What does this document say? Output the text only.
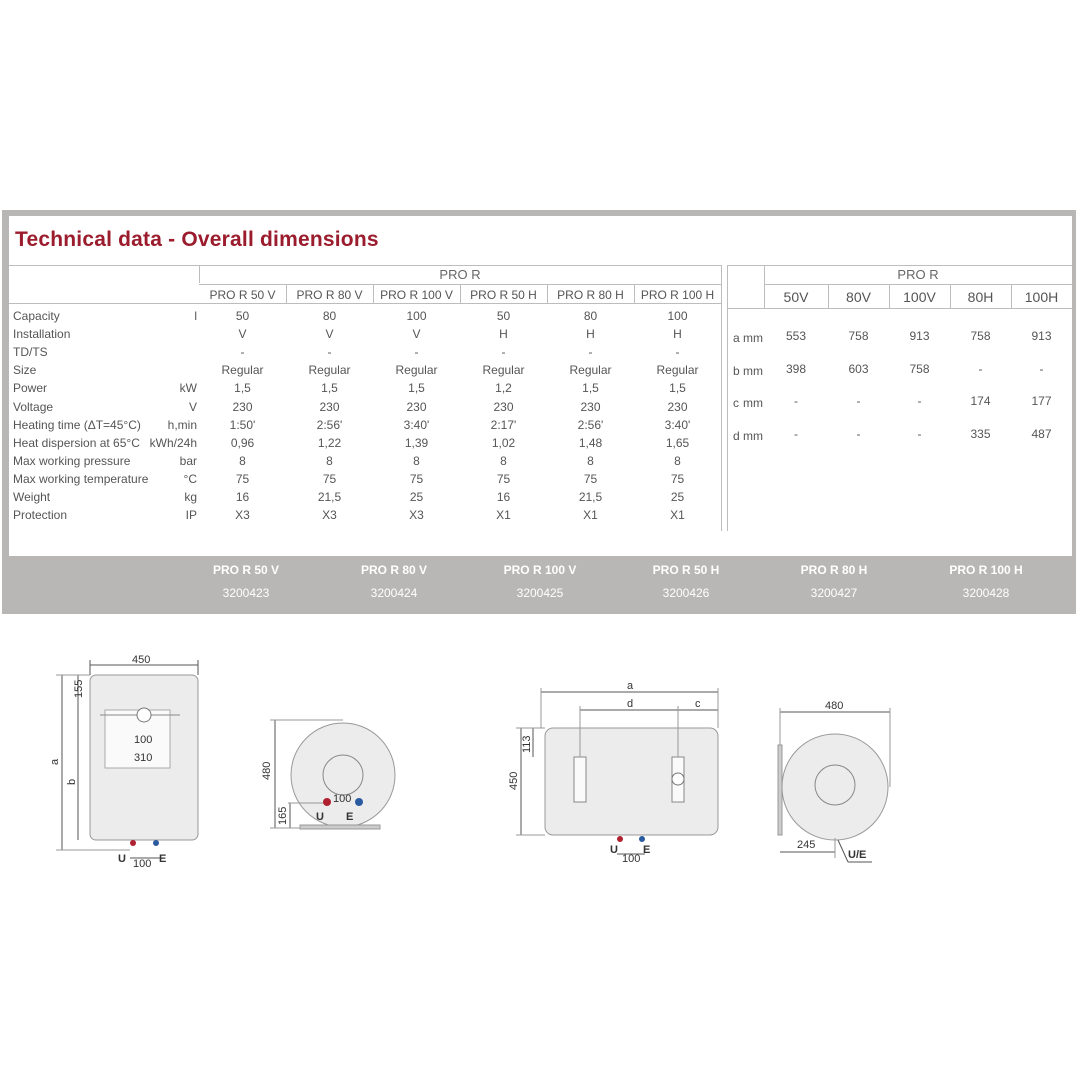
Technical data - Overall dimensions
PRO R
PRO R 50 V	PRO R 80 V	PRO R 100 V	PRO R 50 H	PRO R 80 H	PRO R 100 H
Capacity	l	50	80	100	50	80	100
Installation	V	V	V	H	H	H
TD/TS	-	-	-	-	-	-
Size	Regular	Regular	Regular	Regular	Regular	Regular
Power	kW	1,5	1,5	1,5	1,2	1,5	1,5
Voltage	V	230	230	230	230	230	230
Heating time (ΔT=45°C)	h,min	1:50'	2:56'	3:40'	2:17'	2:56'	3:40'
Heat dispersion at 65°C kWh/24h	0,96	1,22	1,39	1,02	1,48	1,65
Max working pressure	bar	8	8	8	8	8	8
Max working temperature	°C	75	75	75	75	75	75
Weight	kg	16	21,5	25	16	21,5	25
Protection	IP	X3	X3	X3	X1	X1	X1
PRO R
50V	80V	100V	80H	100H
a mm	553	758	913	758	913
b mm	398	603	758	-	-
c mm	-	-	-	174	177
d mm	-	-	-	335	487
PRO R 50 V
3200423
PRO R 80 V
3200424
PRO R 100 V
3200425
PRO R 50 H
3200426
PRO R 80 H
3200427
PRO R 100 H
3200428
450
155
a
b
100
310
100
U	E
480
165
100
U E
a
d	c
450
113
100
U E
480
245
U/E
